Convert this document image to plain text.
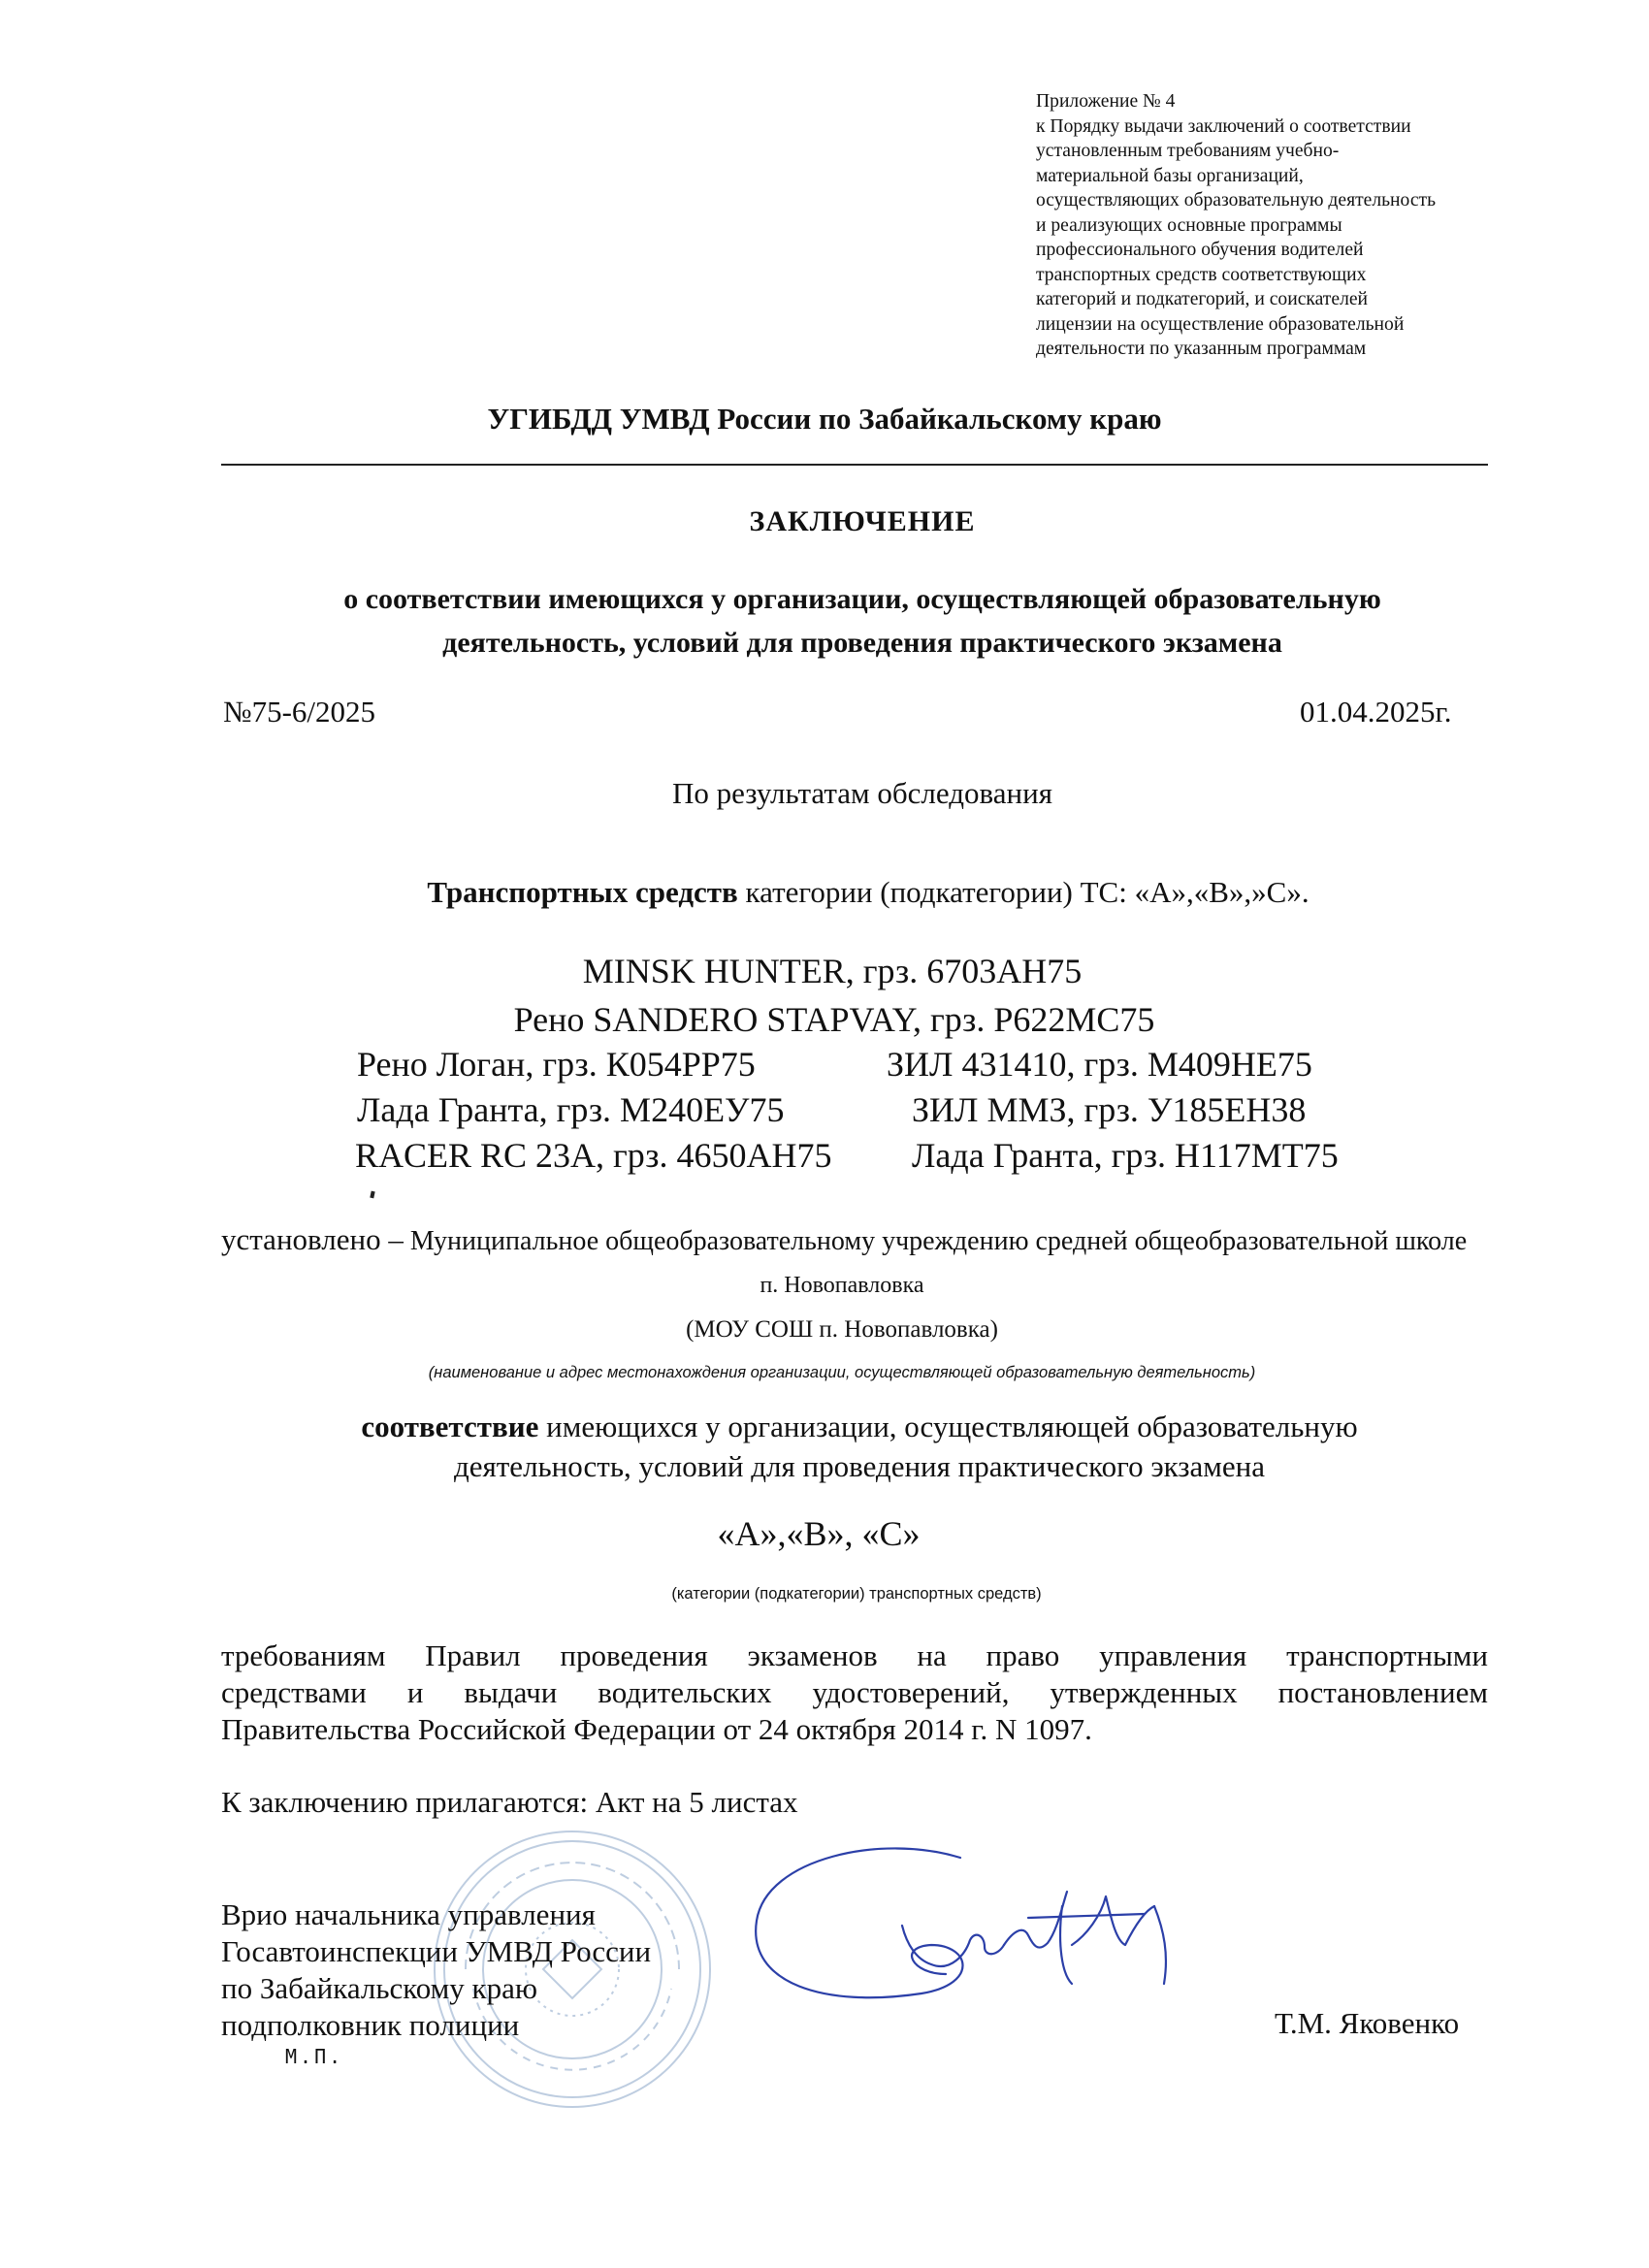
Приложение № 4
к Порядку выдачи заключений о соответствии
установленным требованиям учебно-
материальной базы организаций,
осуществляющих образовательную деятельность
и реализующих основные программы
профессионального обучения водителей
транспортных средств соответствующих
категорий и подкатегорий, и соискателей
лицензии на осуществление образовательной
деятельности по указанным программам
УГИБДД УМВД России по Забайкальскому краю
ЗАКЛЮЧЕНИЕ
о соответствии имеющихся у организации, осуществляющей образовательную
деятельность, условий для проведения практического экзамена
№75-6/2025	01.04.2025г.
По результатам обследования
Транспортных средств категории (подкатегории) ТС: «А»,«В»,»С».
MINSK HUNTER, грз. 6703АН75
Рено SANDERO STAPVAY, грз. Р622МС75
Рено Логан, грз. К054РР75	ЗИЛ 431410, грз. М409НЕ75
Лада Гранта, грз. М240ЕУ75	ЗИЛ ММЗ, грз. У185ЕН38
RACER RC 23A, грз. 4650АН75 Лада Гранта, грз. Н117МТ75
установлено – Муниципальное общеобразовательному учреждению средней общеобразовательной школе
п. Новопавловка
(МОУ СОШ п. Новопавловка)
(наименование и адрес местонахождения организации, осуществляющей образовательную деятельность)
соответствие имеющихся у организации, осуществляющей образовательную
деятельность, условий для проведения практического экзамена
«А»,«В», «С»
(категории (подкатегории) транспортных средств)
требованиям Правил проведения экзаменов на право управления транспортными
средствами и выдачи водительских удостоверений, утвержденных постановлением
Правительства Российской Федерации от 24 октября 2014 г. N 1097.
К заключению прилагаются: Акт на 5 листах
Врио начальника управления
Госавтоинспекции УМВД России
по Забайкальскому краю
подполковник полиции
М.П.
Т.М. Яковенко
